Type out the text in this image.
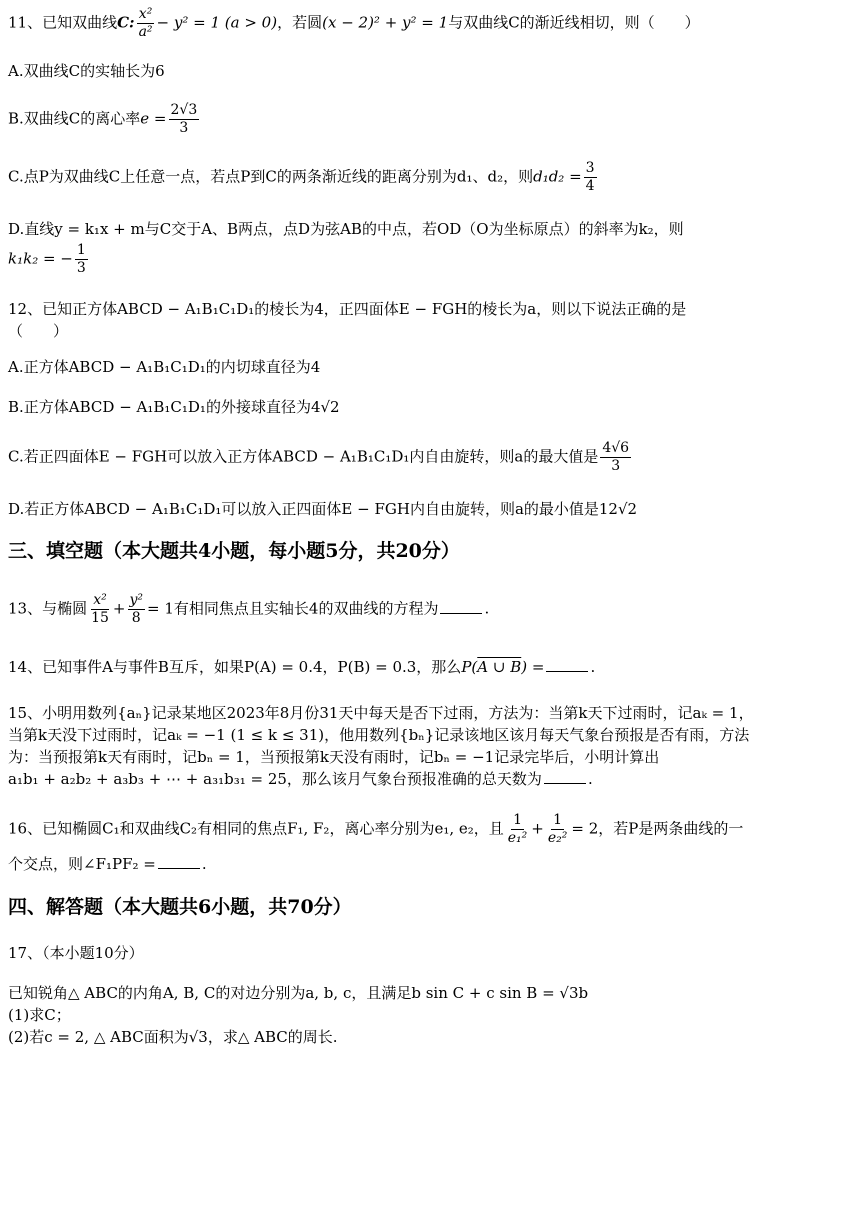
11、已知双曲线C: $\frac{\text{x²}}{\text{a²}} - y^2 = 1$ (a > 0)，若圆(x − 2)² + y² = 1与双曲线C的渐近线相切，则（　　）
A.双曲线C的实轴长为6
B.双曲线C的离心率$e = \frac{2√3}{3}$
C.点P为双曲线C上任意一点，若点P到C的两条渐近线的距离分别为d₁、d₂，则$d_1d_2 = \frac{3}{4}$
D.直线y = k₁x + m与C交于A、B两点，点D为弦AB的中点，若OD（O为坐标原点）的斜率为k₂，则
k₁k₂ = − $\frac{1}{3}$
12、已知正方体ABCD − A₁B₁C₁D₁的棱长为4，正四面体E − FGH的棱长为a，则以下说法正确的是
（　　）
A.正方体ABCD − A₁B₁C₁D₁的内切球直径为4
B.正方体ABCD − A₁B₁C₁D₁的外接球直径为4√2
C.若正四面体E − FGH可以放入正方体ABCD − A₁B₁C₁D₁内自由旋转，则a的最大值是 $\frac{4√6}{3}$
D.若正方体ABCD − A₁B₁C₁D₁可以放入正四面体E − FGH内自由旋转，则a的最小值是12√2
三、填空题（本大题共4小题，每小题5分，共20分）
13、与椭圆 $\frac{\text{x²}}{15} + \frac{\text{y²}}{8} = 1$有相同焦点且实轴长4的双曲线的方程为	.
14、已知事件A与事件B互斥，如果P(A) = 0.4，P(B) = 0.3，那么P(A ∪ B) =	.
15、小明用数列{aₙ}记录某地区2023年8月份31天中每天是否下过雨，方法为：当第k天下过雨时，记aₖ = 1，
当第k天没下过雨时，记aₖ = −1 (1 ≤ k ≤ 31)，他用数列{bₙ}记录该地区该月每天气象台预报是否有雨，方法
为：当预报第k天有雨时，记bₙ = 1，当预报第k天没有雨时，记bₙ = −1记录完毕后，小明计算出
a₁b₁ + a₂b₂ + a₃b₃ + ⋯ + a₃₁b₃₁ = 25，那么该月气象台预报准确的总天数为	.
16、已知椭圆C₁和双曲线C₂有相同的焦点F₁, F₂，离心率分别为e₁, e₂，且 $\frac{1}{\text{e₁²}} + \frac{1}{\text{e₂²}} = 2$，若P是两条曲线的一
个交点，则∠F₁PF₂ =	.
四、解答题（本大题共6小题，共70分）
17、（本小题10分）
已知锐角△ ABC的内角A, B, C的对边分别为a, b, c，且满足b sin C + c sin B = √3b
(1)求C；
(2)若c = 2, △ ABC面积为√3，求△ ABC的周长.
